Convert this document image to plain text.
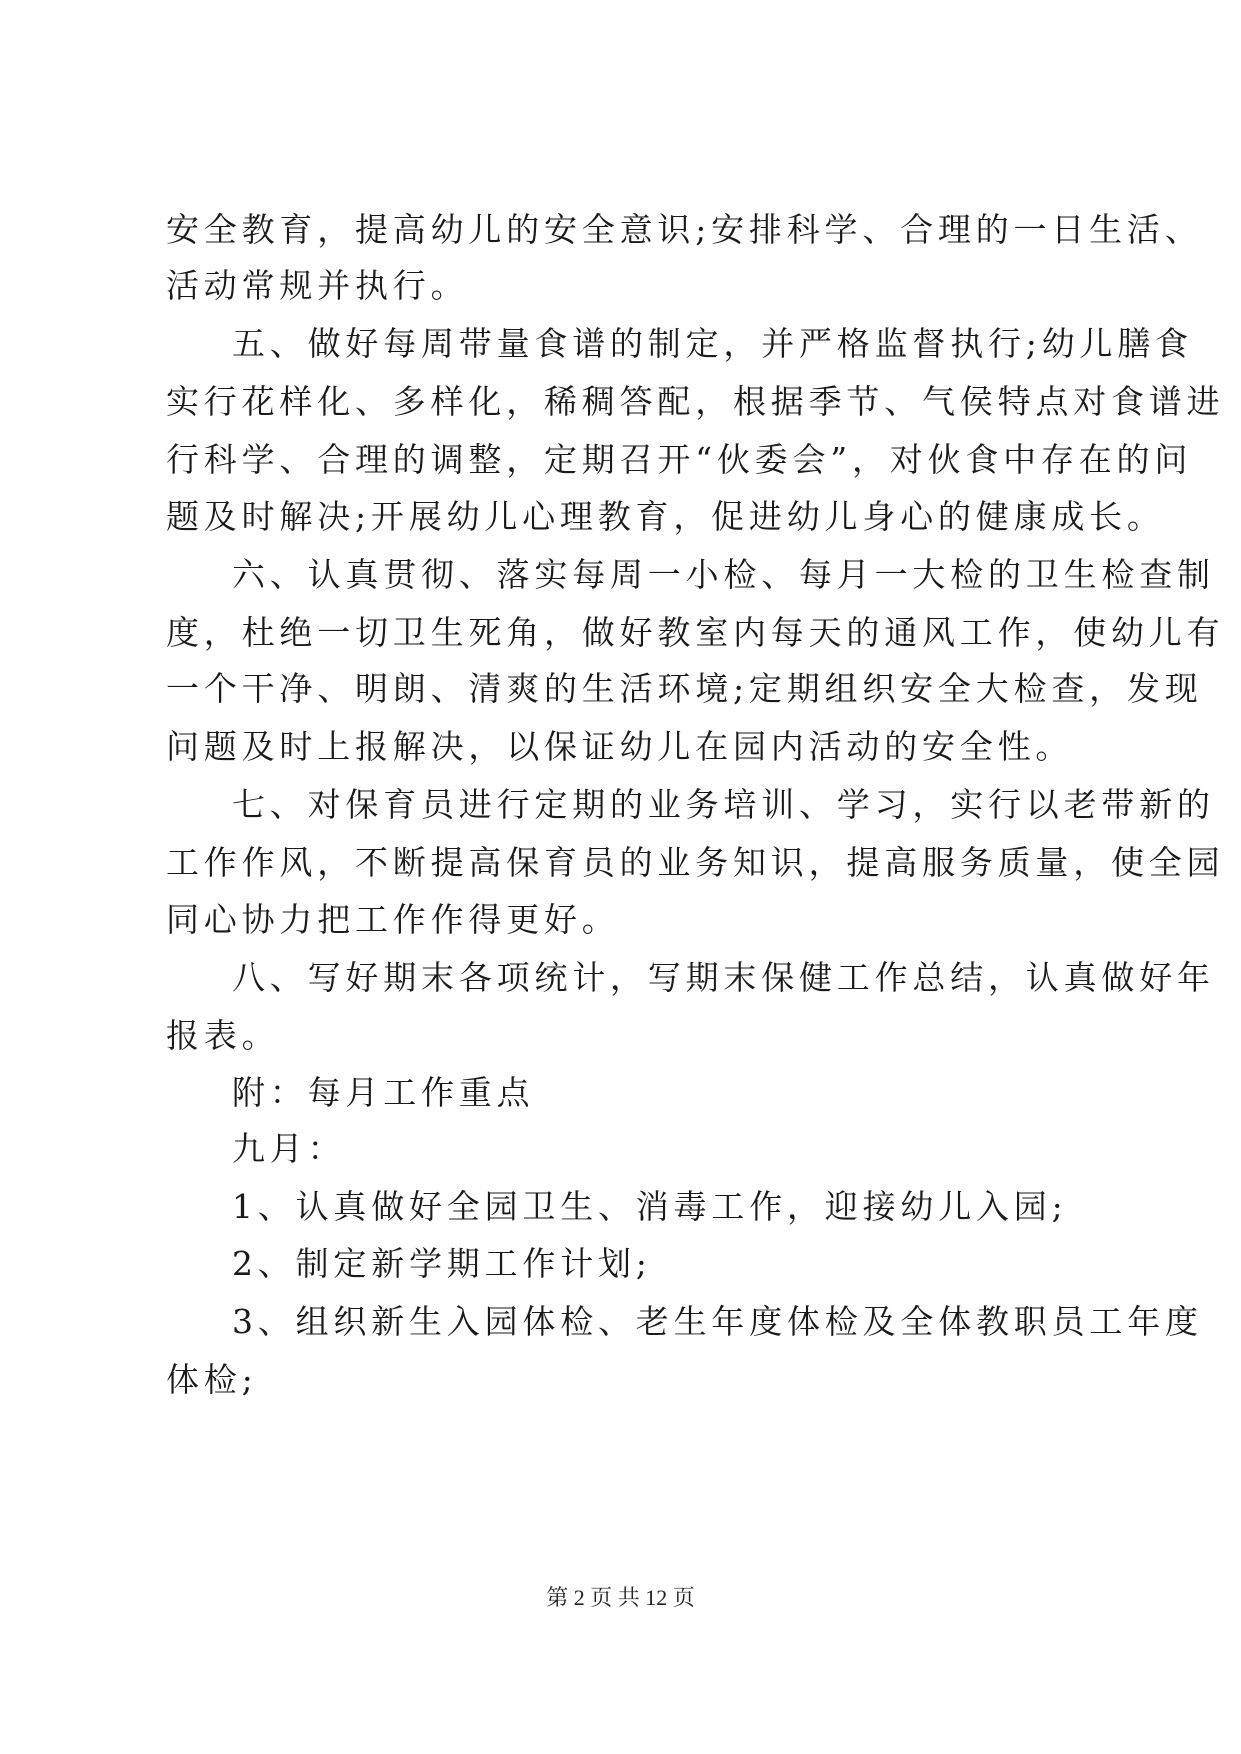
安全教育，提高幼儿的安全意识;安排科学、合理的一日生活、
活动常规并执行。
五、做好每周带量食谱的制定，并严格监督执行;幼儿膳食
实行花样化、多样化，稀稠答配，根据季节、气侯特点对食谱进
行科学、合理的调整，定期召开“伙委会”，对伙食中存在的问
题及时解决;开展幼儿心理教育，促进幼儿身心的健康成长。
六、认真贯彻、落实每周一小检、每月一大检的卫生检查制
度，杜绝一切卫生死角，做好教室内每天的通风工作，使幼儿有
一个干净、明朗、清爽的生活环境;定期组织安全大检查，发现
问题及时上报解决，以保证幼儿在园内活动的安全性。
七、对保育员进行定期的业务培训、学习，实行以老带新的
工作作风，不断提高保育员的业务知识，提高服务质量，使全园
同心协力把工作作得更好。
八、写好期末各项统计，写期末保健工作总结，认真做好年
报表。
附：每月工作重点
九月：
1、认真做好全园卫生、消毒工作，迎接幼儿入园;
2、制定新学期工作计划;
3、组织新生入园体检、老生年度体检及全体教职员工年度
体检;
第 2 页 共 12 页
